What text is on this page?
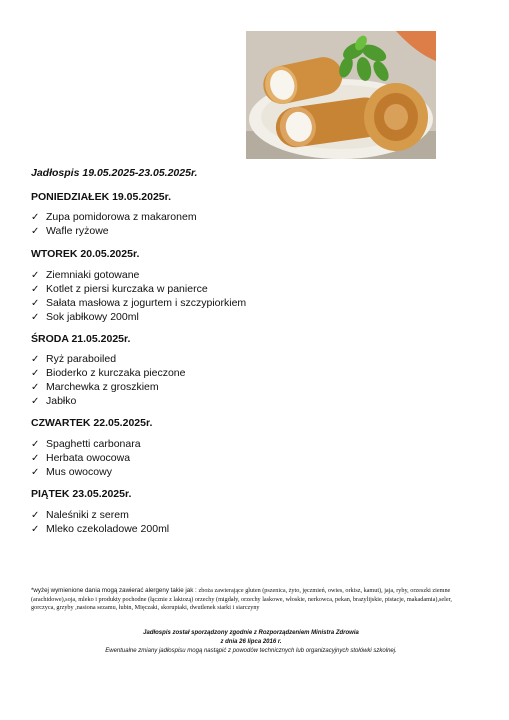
Jadłospis 19.05.2025-23.05.2025r.
PONIEDZIAŁEK 19.05.2025r.
✓ Zupa pomidorowa z makaronem
✓ Wafle ryżowe
WTOREK 20.05.2025r.
✓ Ziemniaki gotowane
✓ Kotlet z piersi kurczaka w panierce
✓ Sałata masłowa z jogurtem i szczypiorkiem
✓ Sok jabłkowy 200ml
ŚRODA 21.05.2025r.
✓ Ryż paraboiled
✓ Bioderko z kurczaka pieczone
✓ Marchewka z groszkiem
✓ Jabłko
CZWARTEK 22.05.2025r.
✓ Spaghetti carbonara
✓ Herbata owocowa
✓ Mus owocowy
PIĄTEK 23.05.2025r.
✓ Naleśniki z serem
✓ Mleko czekoladowe 200ml
*wyżej wymienione dania mogą zawierać alergeny takie jak : zboża zawierające gluten (pszenica, żyto, jęczmień, owies, orkisz, kamut), jaja, ryby, orzeszki ziemne (arachidowe),soja, mleko i produkty pochodne (łącznie z laktozą) orzechy (migdały, orzechy laskowe, włoskie, nerkowca, pekan, brazylijskie, pistacje, makadamia),seler, gorczyca, grzyby ,nasiona sezamu, łubin, Mięczaki, skorupiaki, dwutlenek siarki i siarczyny
Jadłospis został sporządzony zgodnie z Rozporządzeniem Ministra Zdrowia
z dnia 26 lipca 2016 r.
Ewentualne zmiany jadłospisu mogą nastąpić z powodów technicznych lub organizacyjnych stołówki szkolnej.
